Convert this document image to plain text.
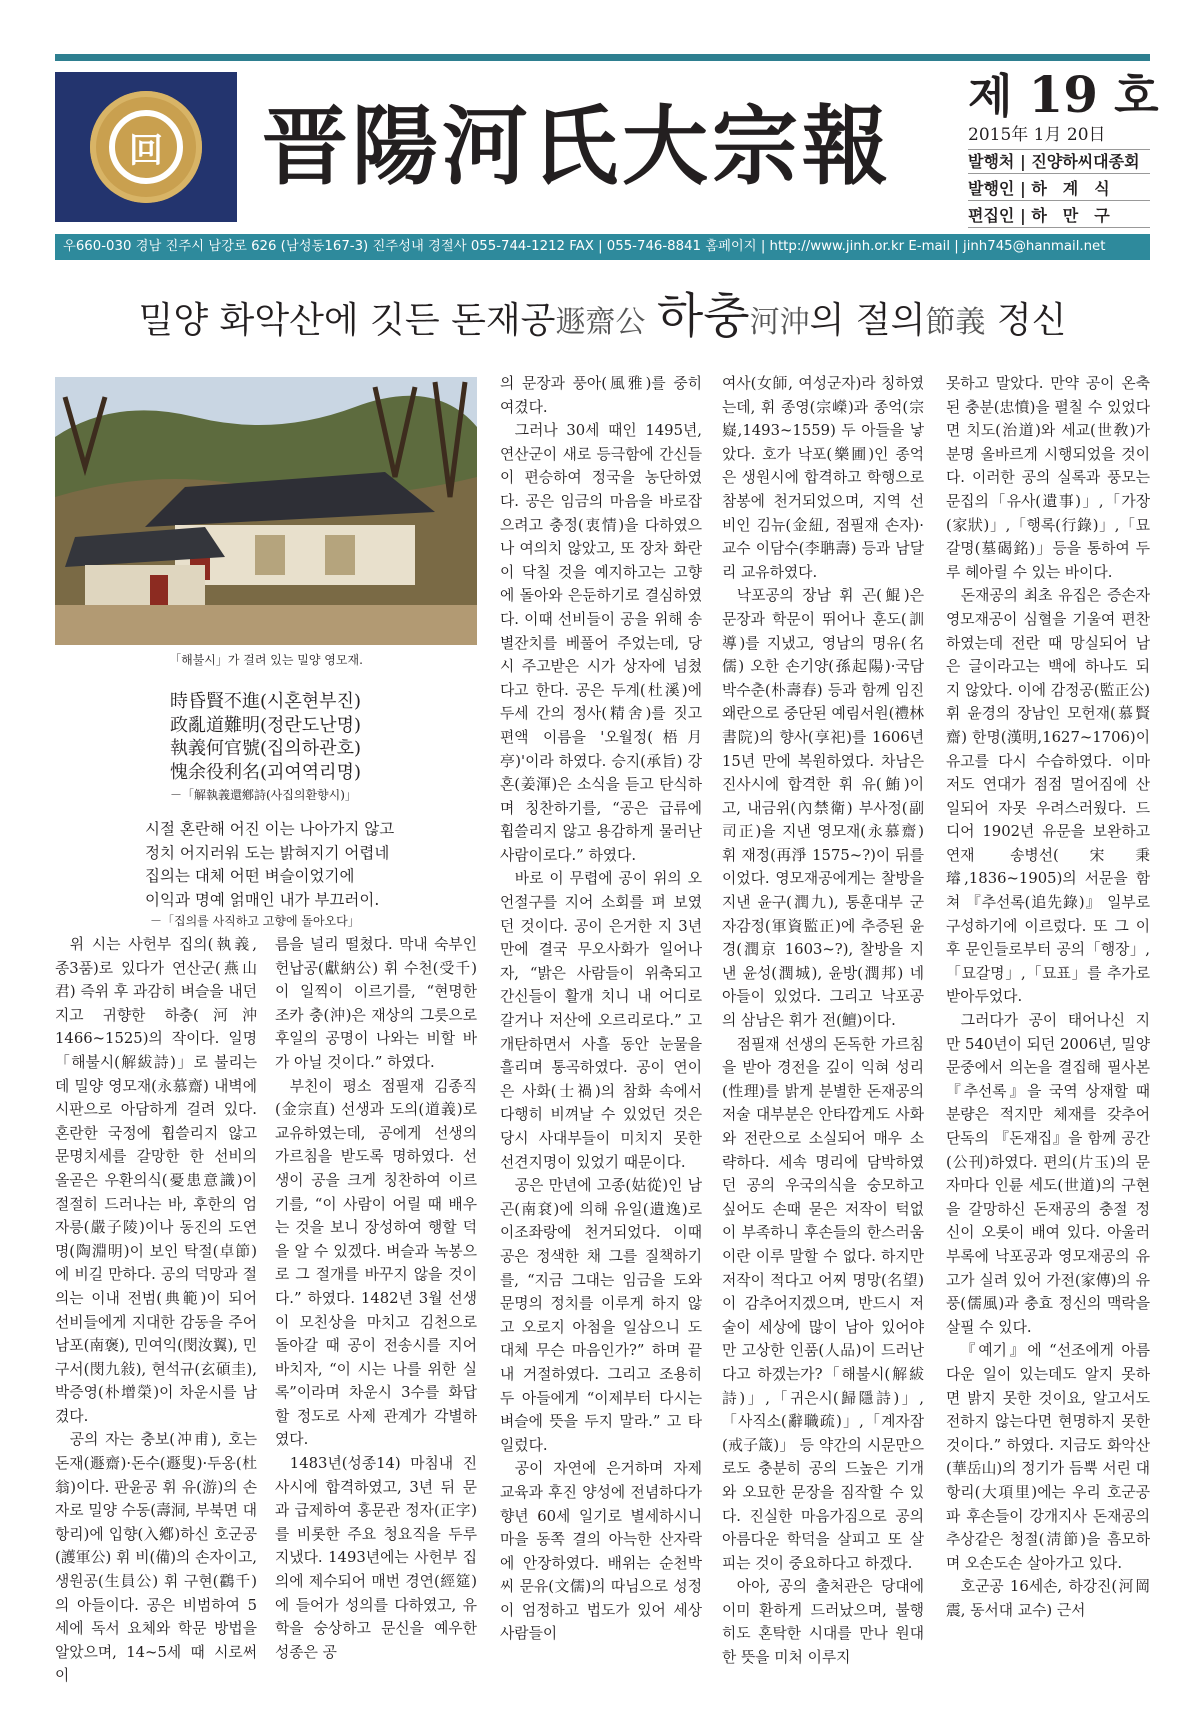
回 晋陽河氏大宗報	제 19 호
2015年 1月 20日
발행처 | 진양하씨대종회
발행인 | 하　계　식
편집인 | 하　만　구
우660-030 경남 진주시 남강로 626 (남성동167-3) 진주성내 경절사 055-744-1212 FAX | 055-746-8841 홈페이지 | http://www.jinh.or.kr E-mail | jinh745@hanmail.net
밀양 화악산에 깃든 돈재공遯齋公 하충河沖의 절의節義 정신
「해불시」가 걸려 있는 밀양 영모재.
時昏賢不進(시혼현부진)
政亂道難明(정란도난명)
執義何官號(집의하관호)
愧余役利名(괴여역리명)
－「解執義還鄕詩(사집의환향시)」
시절 혼란해 어진 이는 나아가지 않고
정치 어지러워 도는 밝혀지기 어렵네
집의는 대체 어떤 벼슬이었기에
이익과 명예 얽매인 내가 부끄러이.
－「집의를 사직하고 고향에 돌아오다」

위 시는 사헌부 집의(執義, 종3품)로 있다가 연산군(燕山君) 즉위 후 과감히 벼슬을 내던지고 귀향한 하충(河沖 1466~1525)의 작이다. 일명「해불시(解紱詩)」로 불리는데 밀양 영모재(永慕齋) 내벽에 시판으로 아담하게 걸려 있다. 혼란한 국정에 휩쓸리지 않고 문명치세를 갈망한 한 선비의 올곧은 우환의식(憂患意識)이 절절히 드러나는 바, 후한의 엄자릉(嚴子陵)이나 동진의 도연명(陶淵明)이 보인 탁절(卓節)에 비길 만하다. 공의 덕망과 절의는 이내 전범(典範)이 되어 선비들에게 지대한 감동을 주어 남포(南褒), 민여익(閔汝翼), 민구서(閔九敍), 현석규(玄碩圭), 박증영(朴增榮)이 차운시를 남겼다.

공의 자는 충보(冲甫), 호는 돈재(遯齋)·돈수(遯叟)·두옹(杜翁)이다. 판윤공 휘 유(游)의 손자로 밀양 수동(壽洞, 부북면 대항리)에 입향(入鄕)하신 호군공(護軍公) 휘 비(備)의 손자이고, 생원공(生員公) 휘 구현(鸖千)의 아들이다. 공은 비범하여 5세에 독서 요체와 학문 방법을 알았으며, 14~5세 때 시로써 이

름을 널리 떨쳤다. 막내 숙부인 헌납공(獻納公) 휘 수천(受千)이 일찍이 이르기를, “현명한 조카 충(沖)은 재상의 그릇으로 후일의 공명이 나와는 비할 바가 아닐 것이다.” 하였다.

부친이 평소 점필재 김종직(金宗直) 선생과 도의(道義)로 교유하였는데, 공에게 선생의 가르침을 받도록 명하였다. 선생이 공을 크게 칭찬하여 이르기를, “이 사람이 어릴 때 배우는 것을 보니 장성하여 행할 덕을 알 수 있겠다. 벼슬과 녹봉으로 그 절개를 바꾸지 않을 것이다.” 하였다. 1482년 3월 선생이 모친상을 마치고 김천으로 돌아갈 때 공이 전송시를 지어 바치자, “이 시는 나를 위한 실록”이라며 차운시 3수를 화답할 정도로 사제 관계가 각별하였다.

1483년(성종14) 마침내 진사시에 합격하였고, 3년 뒤 문과 급제하여 홍문관 정자(正字)를 비롯한 주요 청요직을 두루 지냈다. 1493년에는 사헌부 집의에 제수되어 매번 경연(經筵)에 들어가 성의를 다하였고, 유학을 숭상하고 문신을 예우한 성종은 공

의 문장과 풍아(風雅)를 중히 여겼다.

그러나 30세 때인 1495년, 연산군이 새로 등극함에 간신들이 편승하여 정국을 농단하였다. 공은 임금의 마음을 바로잡으려고 충정(衷情)을 다하였으나 여의치 않았고, 또 장차 화란이 닥칠 것을 예지하고는 고향에 돌아와 은둔하기로 결심하였다. 이때 선비들이 공을 위해 송별잔치를 베풀어 주었는데, 당시 주고받은 시가 상자에 넘쳤다고 한다. 공은 두계(杜溪)에 두세 간의 정사(精舍)를 짓고 편액 이름을 '오월정(梧月亭)'이라 하였다. 승지(承旨) 강혼(姜渾)은 소식을 듣고 탄식하며 칭찬하기를, “공은 급류에 휩쓸리지 않고 용감하게 물러난 사람이로다.” 하였다.

바로 이 무렵에 공이 위의 오언절구를 지어 소회를 펴 보였던 것이다. 공이 은거한 지 3년 만에 결국 무오사화가 일어나자, “밝은 사람들이 위축되고 간신들이 활개 치니 내 어디로 갈거나 저산에 오르리로다.” 고 개탄하면서 사흘 동안 눈물을 흘리며 통곡하였다. 공이 연이은 사화(士禍)의 참화 속에서 다행히 비껴날 수 있었던 것은 당시 사대부들이 미치지 못한 선견지명이 있었기 때문이다.

공은 만년에 고종(姑從)인 남곤(南袞)에 의해 유일(遺逸)로 이조좌랑에 천거되었다. 이때 공은 정색한 채 그를 질책하기를, “지금 그대는 임금을 도와 문명의 정치를 이루게 하지 않고 오로지 아첨을 일삼으니 도대체 무슨 마음인가?” 하며 끝내 거절하였다. 그리고 조용히 두 아들에게 “이제부터 다시는 벼슬에 뜻을 두지 말라.” 고 타일렀다.

공이 자연에 은거하며 자제 교육과 후진 양성에 전념하다가 향년 60세 일기로 별세하시니 마을 동쪽 결의 아늑한 산자락에 안장하였다. 배위는 순천박씨 문유(文儒)의 따님으로 성정이 엄정하고 법도가 있어 세상 사람들이

여사(女師, 여성군자)라 칭하였는데, 휘 종영(宗嶸)과 종억(宗嶷,1493~1559) 두 아들을 낳았다. 호가 낙포(樂圃)인 종억은 생원시에 합격하고 학행으로 참봉에 천거되었으며, 지역 선비인 김뉴(金紐, 점필재 손자)·교수 이담수(李聃壽) 등과 남달리 교유하였다.

낙포공의 장남 휘 곤(鯤)은 문장과 학문이 뛰어나 훈도(訓導)를 지냈고, 영남의 명유(名儒) 오한 손기양(孫起陽)·국담 박수춘(朴壽春) 등과 함께 임진왜란으로 중단된 예림서원(禮林書院)의 향사(享祀)를 1606년 15년 만에 복원하였다. 차남은 진사시에 합격한 휘 유(鮪)이고, 내금위(內禁衛) 부사정(副司正)을 지낸 영모재(永慕齋) 휘 재정(再淨 1575~?)이 뒤를 이었다. 영모재공에게는 찰방을 지낸 윤구(潤九), 통훈대부 군자감정(軍資監正)에 추증된 윤경(潤京 1603~?), 찰방을 지낸 윤성(潤城), 윤방(潤邦) 네 아들이 있었다. 그리고 낙포공의 삼남은 휘가 전(鱣)이다.

점필재 선생의 돈독한 가르침을 받아 경전을 깊이 익혀 성리(性理)를 밝게 분별한 돈재공의 저술 대부분은 안타깝게도 사화와 전란으로 소실되어 매우 소략하다. 세속 명리에 담박하였던 공의 우국의식을 숭모하고 싶어도 손때 묻은 저작이 턱없이 부족하니 후손들의 한스러움이란 이루 말할 수 없다. 하지만 저작이 적다고 어찌 명망(名望)이 감추어지겠으며, 반드시 저술이 세상에 많이 남아 있어야만 고상한 인품(人品)이 드러난다고 하겠는가?「해불시(解紱詩)」,「귀은시(歸隱詩)」,「사직소(辭職疏)」,「계자잠(戒子箴)」 등 약간의 시문만으로도 충분히 공의 드높은 기개와 오묘한 문장을 짐작할 수 있다. 진실한 마음가짐으로 공의 아름다운 학덕을 살피고 또 살피는 것이 중요하다고 하겠다.

아아, 공의 출처관은 당대에 이미 환하게 드러났으며, 불행히도 혼탁한 시대를 만나 원대한 뜻을 미처 이루지

못하고 말았다. 만약 공이 온축된 충분(忠憤)을 펼칠 수 있었다면 치도(治道)와 세교(世敎)가 분명 올바르게 시행되었을 것이다. 이러한 공의 실록과 풍모는 문집의「유사(遺事)」,「가장(家狀)」,「행록(行錄)」,「묘갈명(墓碣銘)」등을 통하여 두루 헤아릴 수 있는 바이다.

돈재공의 최초 유집은 증손자 영모재공이 심혈을 기울여 편찬하였는데 전란 때 망실되어 남은 글이라고는 백에 하나도 되지 않았다. 이에 감정공(監正公) 휘 윤경의 장남인 모헌재(慕賢齋) 한명(漢明,1627~1706)이 유고를 다시 수습하였다. 이마저도 연대가 점점 멀어짐에 산일되어 자못 우려스러웠다. 드디어 1902년 유문을 보완하고 연재 송병선(宋秉璿,1836~1905)의 서문을 함쳐 『추선록(追先錄)』 일부로 구성하기에 이르렀다. 또 그 이후 문인들로부터 공의「행장」,「묘갈명」,「묘표」를 추가로 받아두었다.

그러다가 공이 태어나신 지 만 540년이 되던 2006년, 밀양 문중에서 의논을 결집해 필사본 『추선록』을 국역 상재할 때 분량은 적지만 체재를 갖추어 단독의 『돈재집』을 함께 공간(公刊)하였다. 편의(片玉)의 문자마다 인륜 세도(世道)의 구현을 갈망하신 돈재공의 충절 정신이 오롯이 배여 있다. 아울러 부록에 낙포공과 영모재공의 유고가 실려 있어 가전(家傳)의 유풍(儒風)과 충효 정신의 맥락을 살필 수 있다.

『예기』에 “선조에게 아름다운 일이 있는데도 알지 못하면 밝지 못한 것이요, 알고서도 전하지 않는다면 현명하지 못한 것이다.” 하였다. 지금도 화악산(華岳山)의 정기가 듬뿍 서린 대항리(大項里)에는 우리 호군공파 후손들이 강개지사 돈재공의 추상같은 청절(淸節)을 흠모하며 오손도손 살아가고 있다.

호군공 16세손, 하강진(河岡震, 동서대 교수) 근서
